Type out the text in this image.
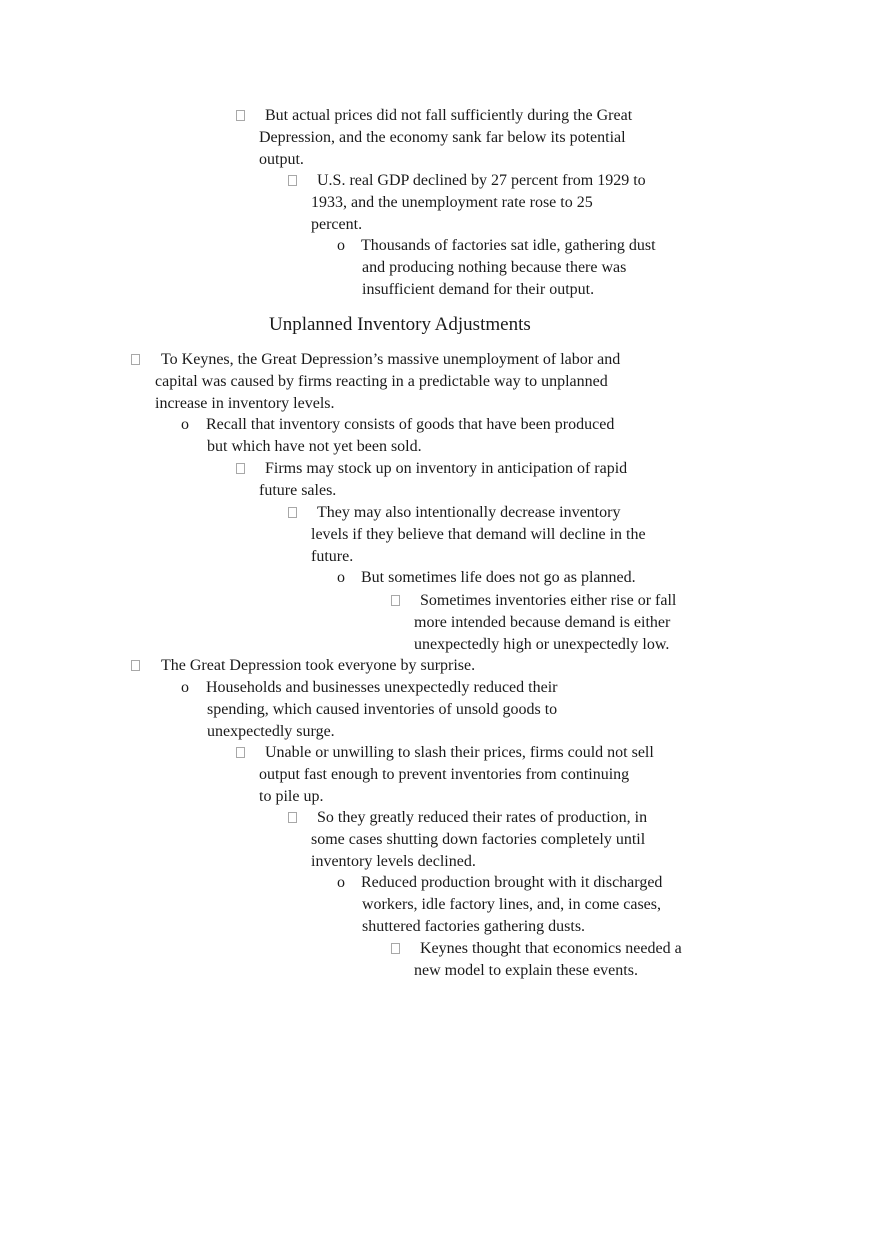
But actual prices did not fall sufficiently during the Great
Depression, and the economy sank far below its potential
output.
U.S. real GDP declined by 27 percent from 1929 to
1933, and the unemployment rate rose to 25
percent.
o Thousands of factories sat idle, gathering dust
and producing nothing because there was
insufficient demand for their output.
Unplanned Inventory Adjustments
To Keynes, the Great Depression’s massive unemployment of labor and
capital was caused by firms reacting in a predictable way to unplanned
increase in inventory levels.
o Recall that inventory consists of goods that have been produced
but which have not yet been sold.
Firms may stock up on inventory in anticipation of rapid
future sales.
They may also intentionally decrease inventory
levels if they believe that demand will decline in the
future.
o But sometimes life does not go as planned.
Sometimes inventories either rise or fall
more intended because demand is either
unexpectedly high or unexpectedly low.
The Great Depression took everyone by surprise.
o Households and businesses unexpectedly reduced their
spending, which caused inventories of unsold goods to
unexpectedly surge.
Unable or unwilling to slash their prices, firms could not sell
output fast enough to prevent inventories from continuing
to pile up.
So they greatly reduced their rates of production, in
some cases shutting down factories completely until
inventory levels declined.
o Reduced production brought with it discharged
workers, idle factory lines, and, in come cases,
shuttered factories gathering dusts.
Keynes thought that economics needed a
new model to explain these events.
